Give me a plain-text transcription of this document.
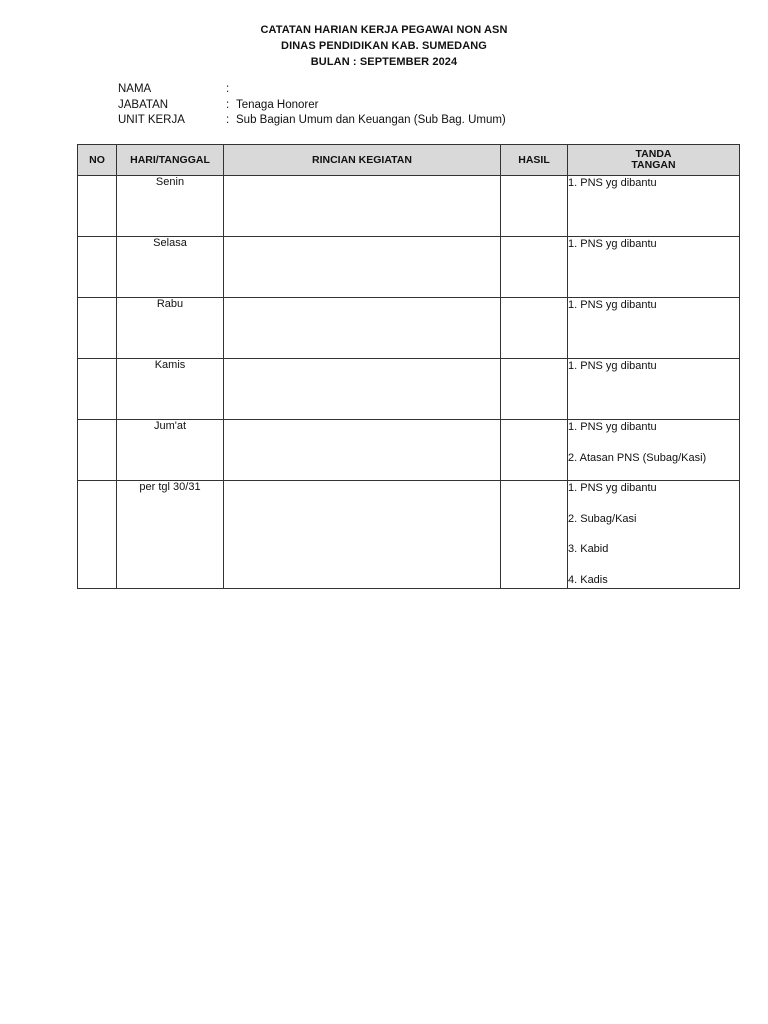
CATATAN HARIAN KERJA PEGAWAI NON ASN
DINAS PENDIDIKAN KAB. SUMEDANG
BULAN : SEPTEMBER 2024
NAMA	:
JABATAN	: Tenaga Honorer
UNIT KERJA	: Sub Bagian Umum dan Keuangan (Sub Bag. Umum)
NO	HARI/TANGGAL	RINCIAN KEGIATAN	HASIL	TANDA
TANGAN

	Senin			1. PNS yg dibantu

	Selasa			1. PNS yg dibantu

	Rabu			1. PNS yg dibantu

	Kamis			1. PNS yg dibantu

	Jum'at			1. PNS yg dibantu
2. Atasan PNS (Subag/Kasi)

	per tgl 30/31			1. PNS yg dibantu
2. Subag/Kasi
3. Kabid
4. Kadis
